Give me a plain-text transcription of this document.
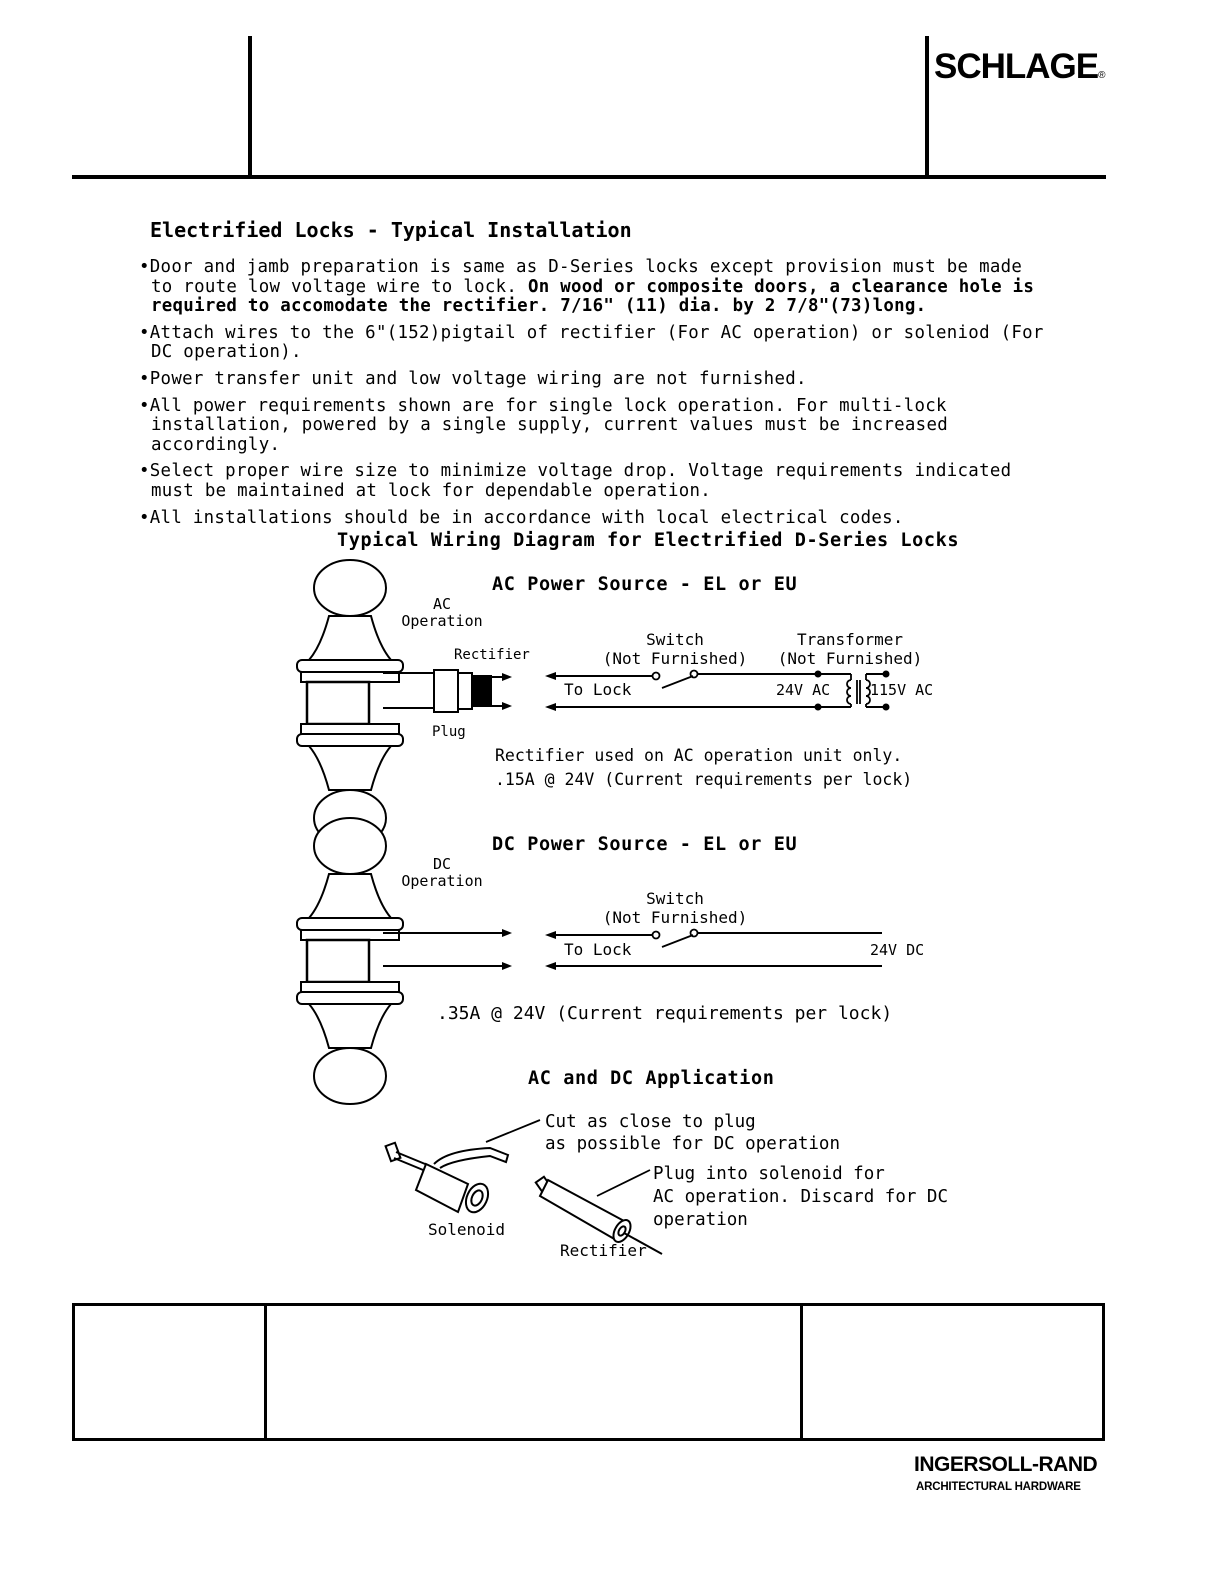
SCHLAGE®
Electrified Locks - Typical Installation

•Door and jamb preparation is same as D-Series locks except provision must be made to route low voltage wire to lock. On wood or composite doors, a clearance hole is required to accomodate the rectifier. 7/16" (11) dia. by 2 7/8"(73)long.

•Attach wires to the 6"(152)pigtail of rectifier (For AC operation) or soleniod (For DC operation).

•Power transfer unit and low voltage wiring are not furnished.

•All power requirements shown are for single lock operation. For multi-lock installation, powered by a single supply, current values must be increased accordingly.

•Select proper wire size to minimize voltage drop. Voltage requirements indicated must be maintained at lock for dependable operation.

•All installations should be in accordance with local electrical codes.

Typical Wiring Diagram for Electrified D-Series Locks
AC Power Source - EL or EU
DC Power Source - EL or EU
AC and DC Application
AC
Operation
Rectifier
Plug
Switch
(Not Furnished)
Transformer
(Not Furnished)
To Lock	24V AC	115V AC
Rectifier used on AC operation unit only.
.15A @ 24V (Current requirements per lock)
DC
Operation
Switch
(Not Furnished)
To Lock	24V DC
.35A @ 24V (Current requirements per lock)
Cut as close to plug
as possible for DC operation
Plug into solenoid for
AC operation. Discard for DC
operation
Solenoid
Rectifier
INGERSOLL-RAND
ARCHITECTURAL HARDWARE
